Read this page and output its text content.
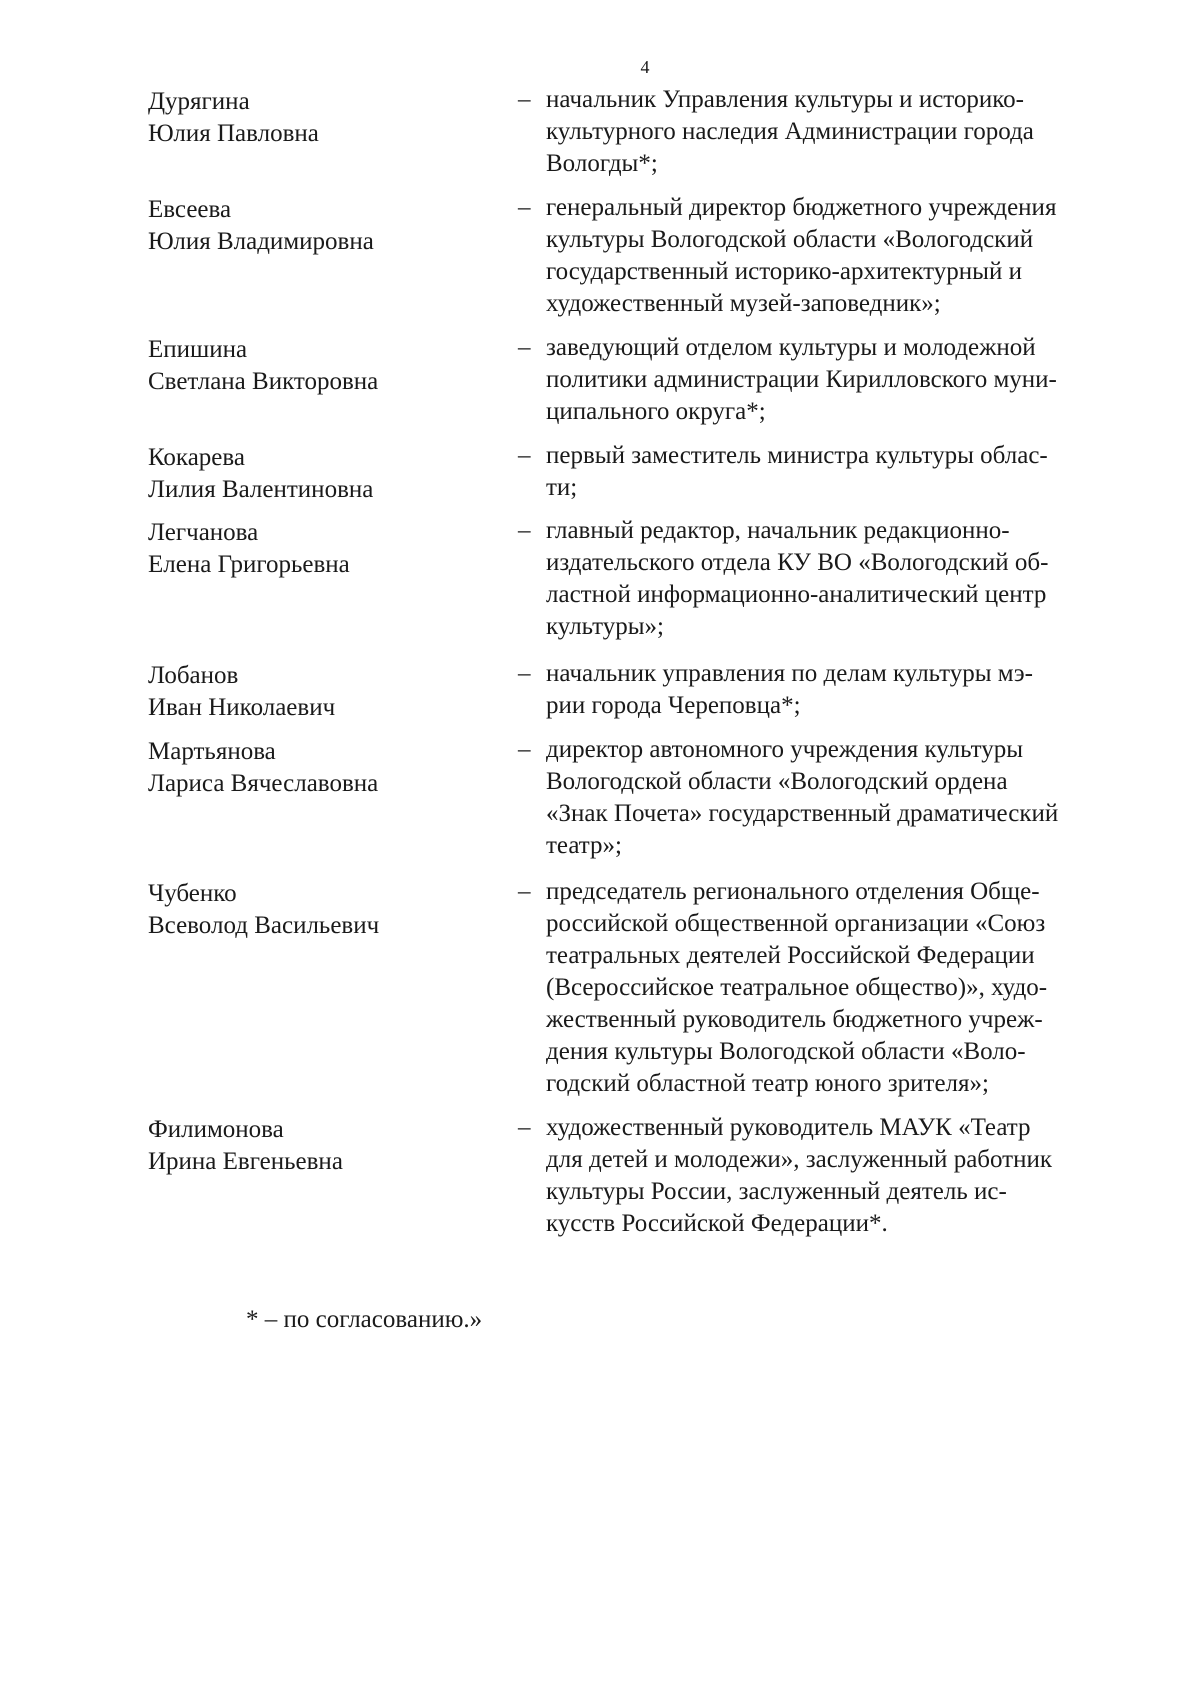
4
Дурягина
Юлия Павловна
– начальник Управления культуры и историко-
культурного наследия Администрации города
Вологды*;
Евсеева
Юлия Владимировна
– генеральный директор бюджетного учреждения
культуры Вологодской области «Вологодский
государственный историко-архитектурный и
художественный музей-заповедник»;
Епишина
Светлана Викторовна
– заведующий отделом культуры и молодежной
политики администрации Кирилловского муни-
ципального округа*;
Кокарева
Лилия Валентиновна
– первый заместитель министра культуры облас-
ти;
Легчанова
Елена Григорьевна
– главный редактор, начальник редакционно-
издательского отдела КУ ВО «Вологодский об-
ластной информационно-аналитический центр
культуры»;
Лобанов
Иван Николаевич
– начальник управления по делам культуры мэ-
рии города Череповца*;
Мартьянова
Лариса Вячеславовна
– директор автономного учреждения культуры
Вологодской области «Вологодский ордена
«Знак Почета» государственный драматический
театр»;
Чубенко
Всеволод Васильевич
– председатель регионального отделения Обще-
российской общественной организации «Союз
театральных деятелей Российской Федерации
(Всероссийское театральное общество)», худо-
жественный руководитель бюджетного учреж-
дения культуры Вологодской области «Воло-
годский областной театр юного зрителя»;
Филимонова
Ирина Евгеньевна
– художественный руководитель МАУК «Театр
для детей и молодежи», заслуженный работник
культуры России, заслуженный деятель ис-
кусств Российской Федерации*.
* – по согласованию.»
